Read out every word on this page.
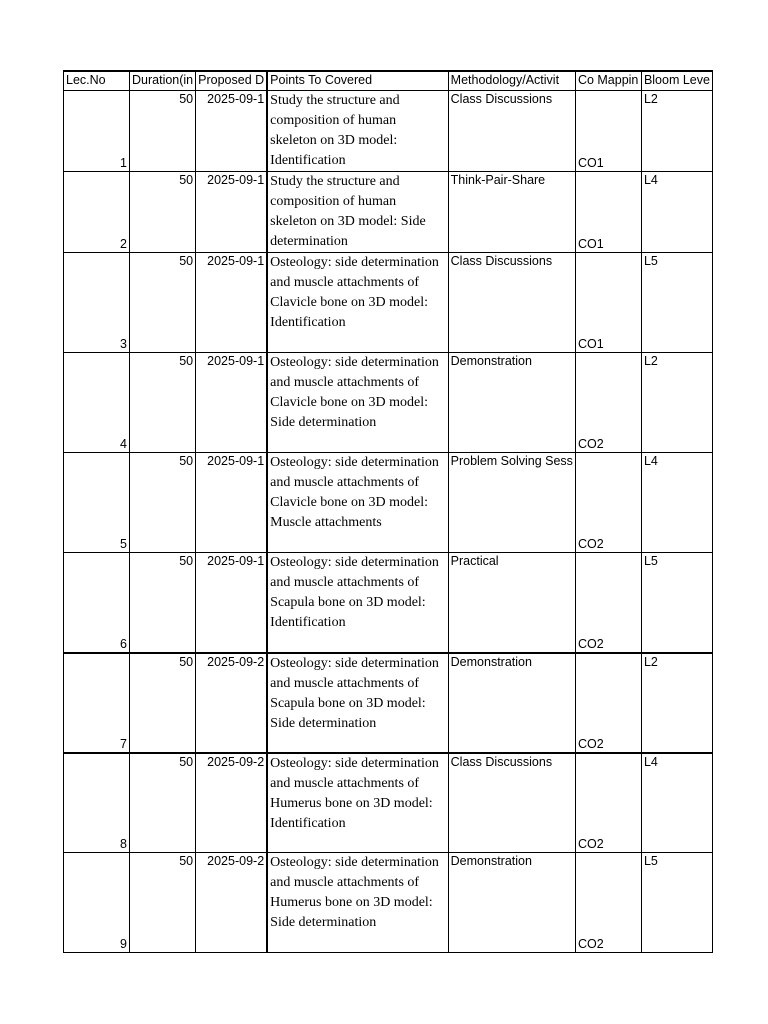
Lec.No	Duration(in	Proposed D	Points To Covered	Methodology/Activit	Co Mappin	Bloom Leve
1	50	2025-09-1	Study the structure and composition of human skeleton on 3D model: Identification	Class Discussions	CO1	L2
2	50	2025-09-1	Study the structure and composition of human skeleton on 3D model: Side determination	Think-Pair-Share	CO1	L4
3	50	2025-09-1	Osteology: side determination and muscle attachments of Clavicle bone on 3D model: Identification	Class Discussions	CO1	L5
4	50	2025-09-1	Osteology: side determination and muscle attachments of Clavicle bone on 3D model: Side determination	Demonstration	CO2	L2
5	50	2025-09-1	Osteology: side determination and muscle attachments of Clavicle bone on 3D model: Muscle attachments	Problem Solving Sess	CO2	L4
6	50	2025-09-1	Osteology: side determination and muscle attachments of Scapula bone on 3D model: Identification	Practical	CO2	L5
7	50	2025-09-2	Osteology: side determination and muscle attachments of Scapula bone on 3D model: Side determination	Demonstration	CO2	L2
8	50	2025-09-2	Osteology: side determination and muscle attachments of Humerus bone on 3D model: Identification	Class Discussions	CO2	L4
9	50	2025-09-2	Osteology: side determination and muscle attachments of Humerus bone on 3D model: Side determination	Demonstration	CO2	L5
